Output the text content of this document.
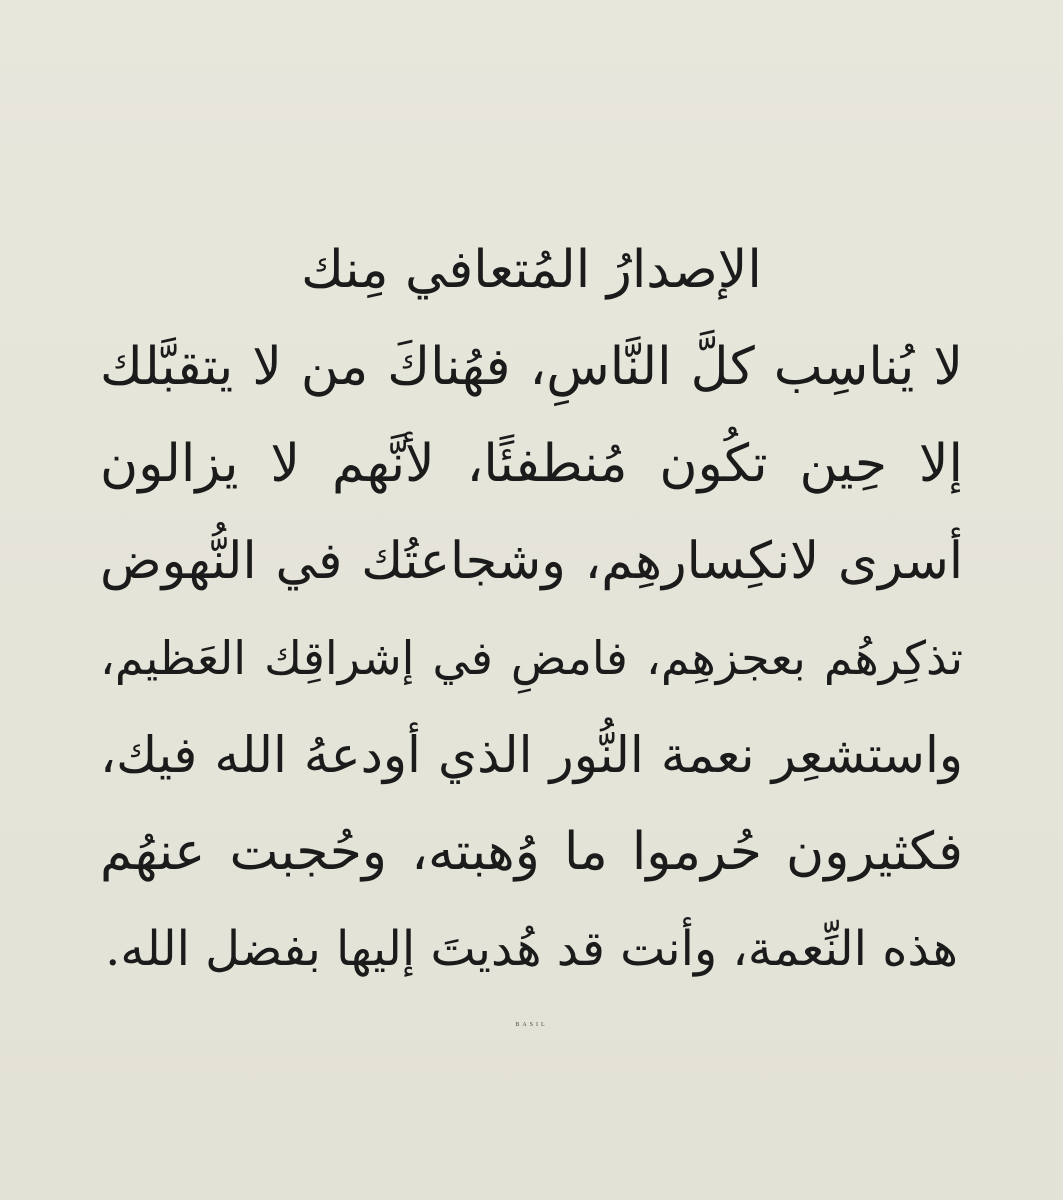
الإصدارُ المُتعافي مِنك
لا يُناسِب كلَّ النَّاسِ، فهُناكَ من لا يتقبَّلك
إلا حِين تكُون مُنطفئًا، لأنَّهم لا يزالون
أسرى لانكِسارهِم، وشجاعتُك في النُّهوض
تذكِرهُم بعجزهِم، فامضِ في إشراقِك العَظيم،
واستشعِر نعمة النُّور الذي أودعهُ الله فيك،
فكثيرون حُرموا ما وُهبته، وحُجبت عنهُم
هذه النِّعمة، وأنت قد هُديتَ إليها بفضل الله.
BASIL
